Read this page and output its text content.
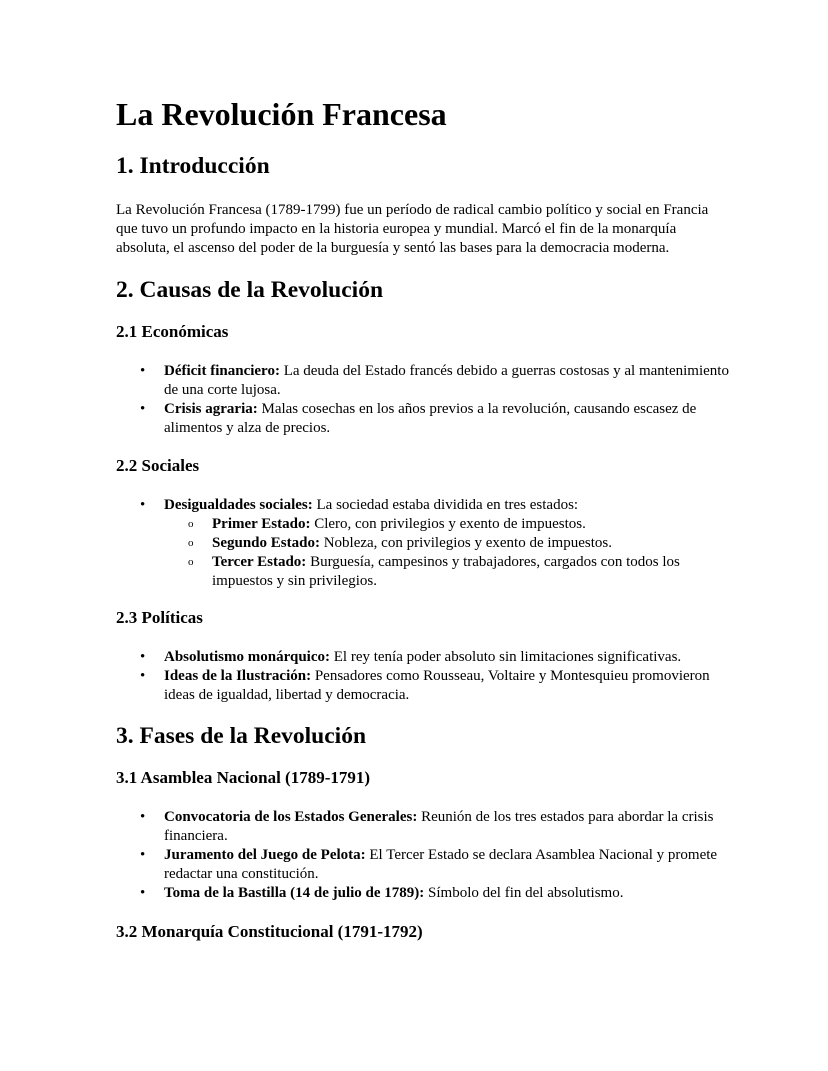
La Revolución Francesa
1. Introducción

La Revolución Francesa (1789-1799) fue un período de radical cambio político y social en Francia que tuvo un profundo impacto en la historia europea y mundial. Marcó el fin de la monarquía absoluta, el ascenso del poder de la burguesía y sentó las bases para la democracia moderna.

2. Causas de la Revolución
2.1 Económicas
• Déficit financiero: La deuda del Estado francés debido a guerras costosas y al mantenimiento de una corte lujosa.
• Crisis agraria: Malas cosechas en los años previos a la revolución, causando escasez de alimentos y alza de precios.
2.2 Sociales
• Desigualdades sociales: La sociedad estaba dividida en tres estados:
o Primer Estado: Clero, con privilegios y exento de impuestos.
o Segundo Estado: Nobleza, con privilegios y exento de impuestos.
o Tercer Estado: Burguesía, campesinos y trabajadores, cargados con todos los impuestos y sin privilegios.
2.3 Políticas
• Absolutismo monárquico: El rey tenía poder absoluto sin limitaciones significativas.
• Ideas de la Ilustración: Pensadores como Rousseau, Voltaire y Montesquieu promovieron ideas de igualdad, libertad y democracia.
3. Fases de la Revolución
3.1 Asamblea Nacional (1789-1791)
• Convocatoria de los Estados Generales: Reunión de los tres estados para abordar la crisis financiera.
• Juramento del Juego de Pelota: El Tercer Estado se declara Asamblea Nacional y promete redactar una constitución.
• Toma de la Bastilla (14 de julio de 1789): Símbolo del fin del absolutismo.
3.2 Monarquía Constitucional (1791-1792)
